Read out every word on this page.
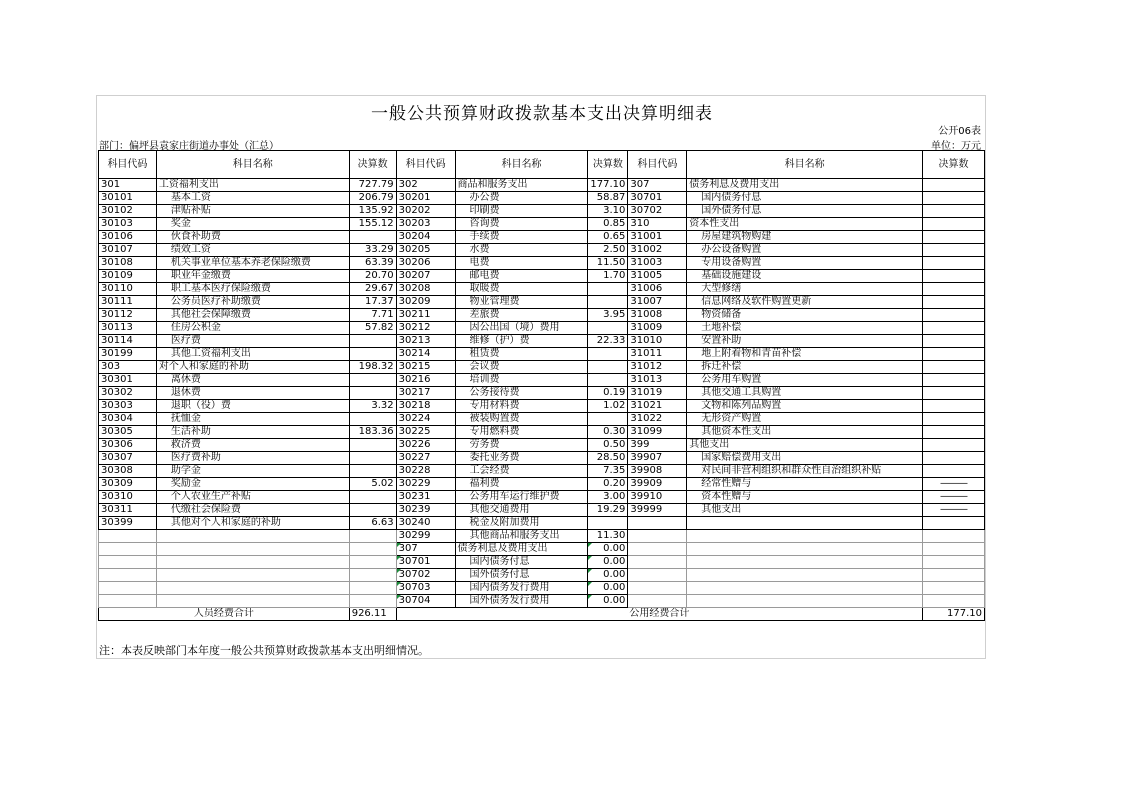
一般公共预算财政拨款基本支出决算明细表
公开06表
部门：偏坪县袁家庄街道办事处（汇总）	单位：万元
科目代码	科目名称	决算数	科目代码	科目名称	决算数	科目代码	科目名称	决算数
301	工资福利支出	727.79	302	商品和服务支出	177.10	307	债务利息及费用支出	
30101	基本工资	206.79	30201	办公费	58.87	30701	国内债务付息	
30102	津贴补贴	135.92	30202	印刷费	3.10	30702	国外债务付息	
30103	奖金	155.12	30203	咨询费	0.85	310	资本性支出	
30106	伙食补助费		30204	手续费	0.65	31001	房屋建筑物购建	
30107	绩效工资	33.29	30205	水费	2.50	31002	办公设备购置	
30108	机关事业单位基本养老保险缴费	63.39	30206	电费	11.50	31003	专用设备购置	
30109	职业年金缴费	20.70	30207	邮电费	1.70	31005	基础设施建设	
30110	职工基本医疗保险缴费	29.67	30208	取暖费		31006	大型修缮	
30111	公务员医疗补助缴费	17.37	30209	物业管理费		31007	信息网络及软件购置更新	
30112	其他社会保障缴费	7.71	30211	差旅费	3.95	31008	物资储备	
30113	住房公积金	57.82	30212	因公出国（境）费用		31009	土地补偿	
30114	医疗费		30213	维修（护）费	22.33	31010	安置补助	
30199	其他工资福利支出		30214	租赁费		31011	地上附着物和青苗补偿	
303	对个人和家庭的补助	198.32	30215	会议费		31012	拆迁补偿	
30301	离休费		30216	培训费		31013	公务用车购置	
30302	退休费		30217	公务接待费	0.19	31019	其他交通工具购置	
30303	退职（役）费	3.32	30218	专用材料费	1.02	31021	文物和陈列品购置	
30304	抚恤金		30224	被装购置费		31022	无形资产购置	
30305	生活补助	183.36	30225	专用燃料费	0.30	31099	其他资本性支出	
30306	救济费		30226	劳务费	0.50	399	其他支出	
30307	医疗费补助		30227	委托业务费	28.50	39907	国家赔偿费用支出	
30308	助学金		30228	工会经费	7.35	39908	对民间非营利组织和群众性自治组织补贴	
30309	奖励金	5.02	30229	福利费	0.20	39909	经常性赠与	———
30310	个人农业生产补贴		30231	公务用车运行维护费	3.00	39910	资本性赠与	———
30311	代缴社会保险费		30239	其他交通费用	19.29	39999	其他支出	———
30399	其他对个人和家庭的补助	6.63	30240	税金及附加费用				
			30299	其他商品和服务支出	11.30			
			307	债务利息及费用支出	0.00			
			30701	国内债务付息	0.00			
			30702	国外债务付息	0.00			
			30703	国内债务发行费用	0.00			
			30704	国外债务发行费用	0.00			
人员经费合计		926.11	公用经费合计					177.10
注：本表反映部门本年度一般公共预算财政拨款基本支出明细情况。
